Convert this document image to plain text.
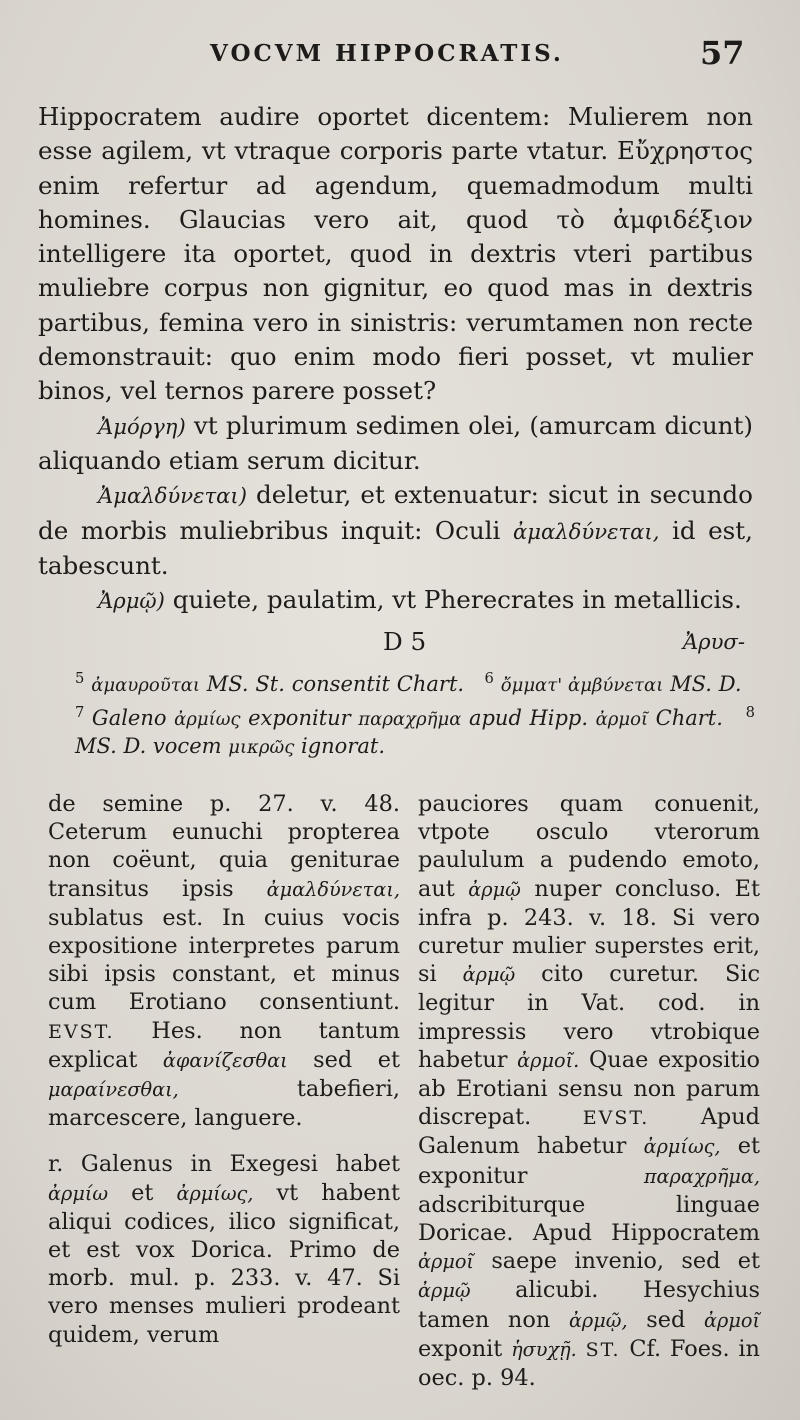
VOCVM HIPPOCRATIS.	57

Hippocratem audire oportet dicentem: Mulierem non esse agilem, vt vtraque corporis parte vtatur. Εὔχρηστος enim refertur ad agendum, quemadmodum multi homines. Glaucias vero ait, quod τὸ ἀμφιδέξιον intelligere ita oportet, quod in dextris vteri partibus muliebre corpus non gignitur, eo quod mas in dextris partibus, femina vero in sinistris: verumtamen non recte demonstrauit: quo enim modo fieri posset, vt mulier binos, vel ternos parere posset?

Ἀμόργη) vt plurimum sedimen olei, (amurcam dicunt) aliquando etiam serum dicitur.

Ἀμαλδύνεται) deletur, et extenuatur: sicut in secundo de morbis muliebribus inquit: Oculi ἀμαλδύνεται, id est, tabescunt.

Ἀρμῷ) quiete, paulatim, vt Pherecrates in metallicis.

D 5	Ἀρυσ-

$^5$ ἀμαυροῦται MS. St. consentit Chart. $^6$ ὄμματ' ἀμβύνεται MS. D.   $^7$ Galeno ἀρμίως exponitur παραχρῆμα apud Hipp. ἀρμοῖ Chart. $^8$ MS. D. vocem μικρῶς ignorat.

de semine p. 27. v. 48. Ceterum eunuchi propterea non coëunt, quia geniturae transitus ipsis ἀμαλδύνεται, sublatus est. In cuius vocis expositione interpretes parum sibi ipsis constant, et minus cum Erotiano consentiunt. EVST. Hes. non tantum explicat ἀφανίζεσθαι sed et μαραίνεσθαι,	tabefieri, marcescere, languere.

r. Galenus in Exegesi habet ἀρμίω et ἀρμίως, vt habent aliqui codices, ilico significat, et est vox Dorica. Primo de morb. mul. p. 233. v. 47. Si vero menses mulieri prodeant quidem, verum

pauciores quam conuenit, vtpote osculo vterorum paululum a pudendo emoto, aut ἀρμῷ nuper concluso. Et infra p. 243. v. 18. Si vero curetur mulier superstes erit, si ἀρμῷ cito curetur. Sic legitur in Vat. cod. in impressis vero vtrobique habetur ἀρμοῖ. Quae expositio ab Erotiani sensu non parum discrepat.	EVST. Apud Galenum habetur ἀρμίως, et exponitur	παραχρῆμα, adscribiturque linguae Doricae. Apud Hippocratem ἀρμοῖ saepe invenio, sed et ἀρμῷ alicubi. Hesychius tamen non ἀρμῷ, sed ἀρμοῖ exponit ἡσυχῇ. ST. Cf. Foes. in oec. p. 94.
